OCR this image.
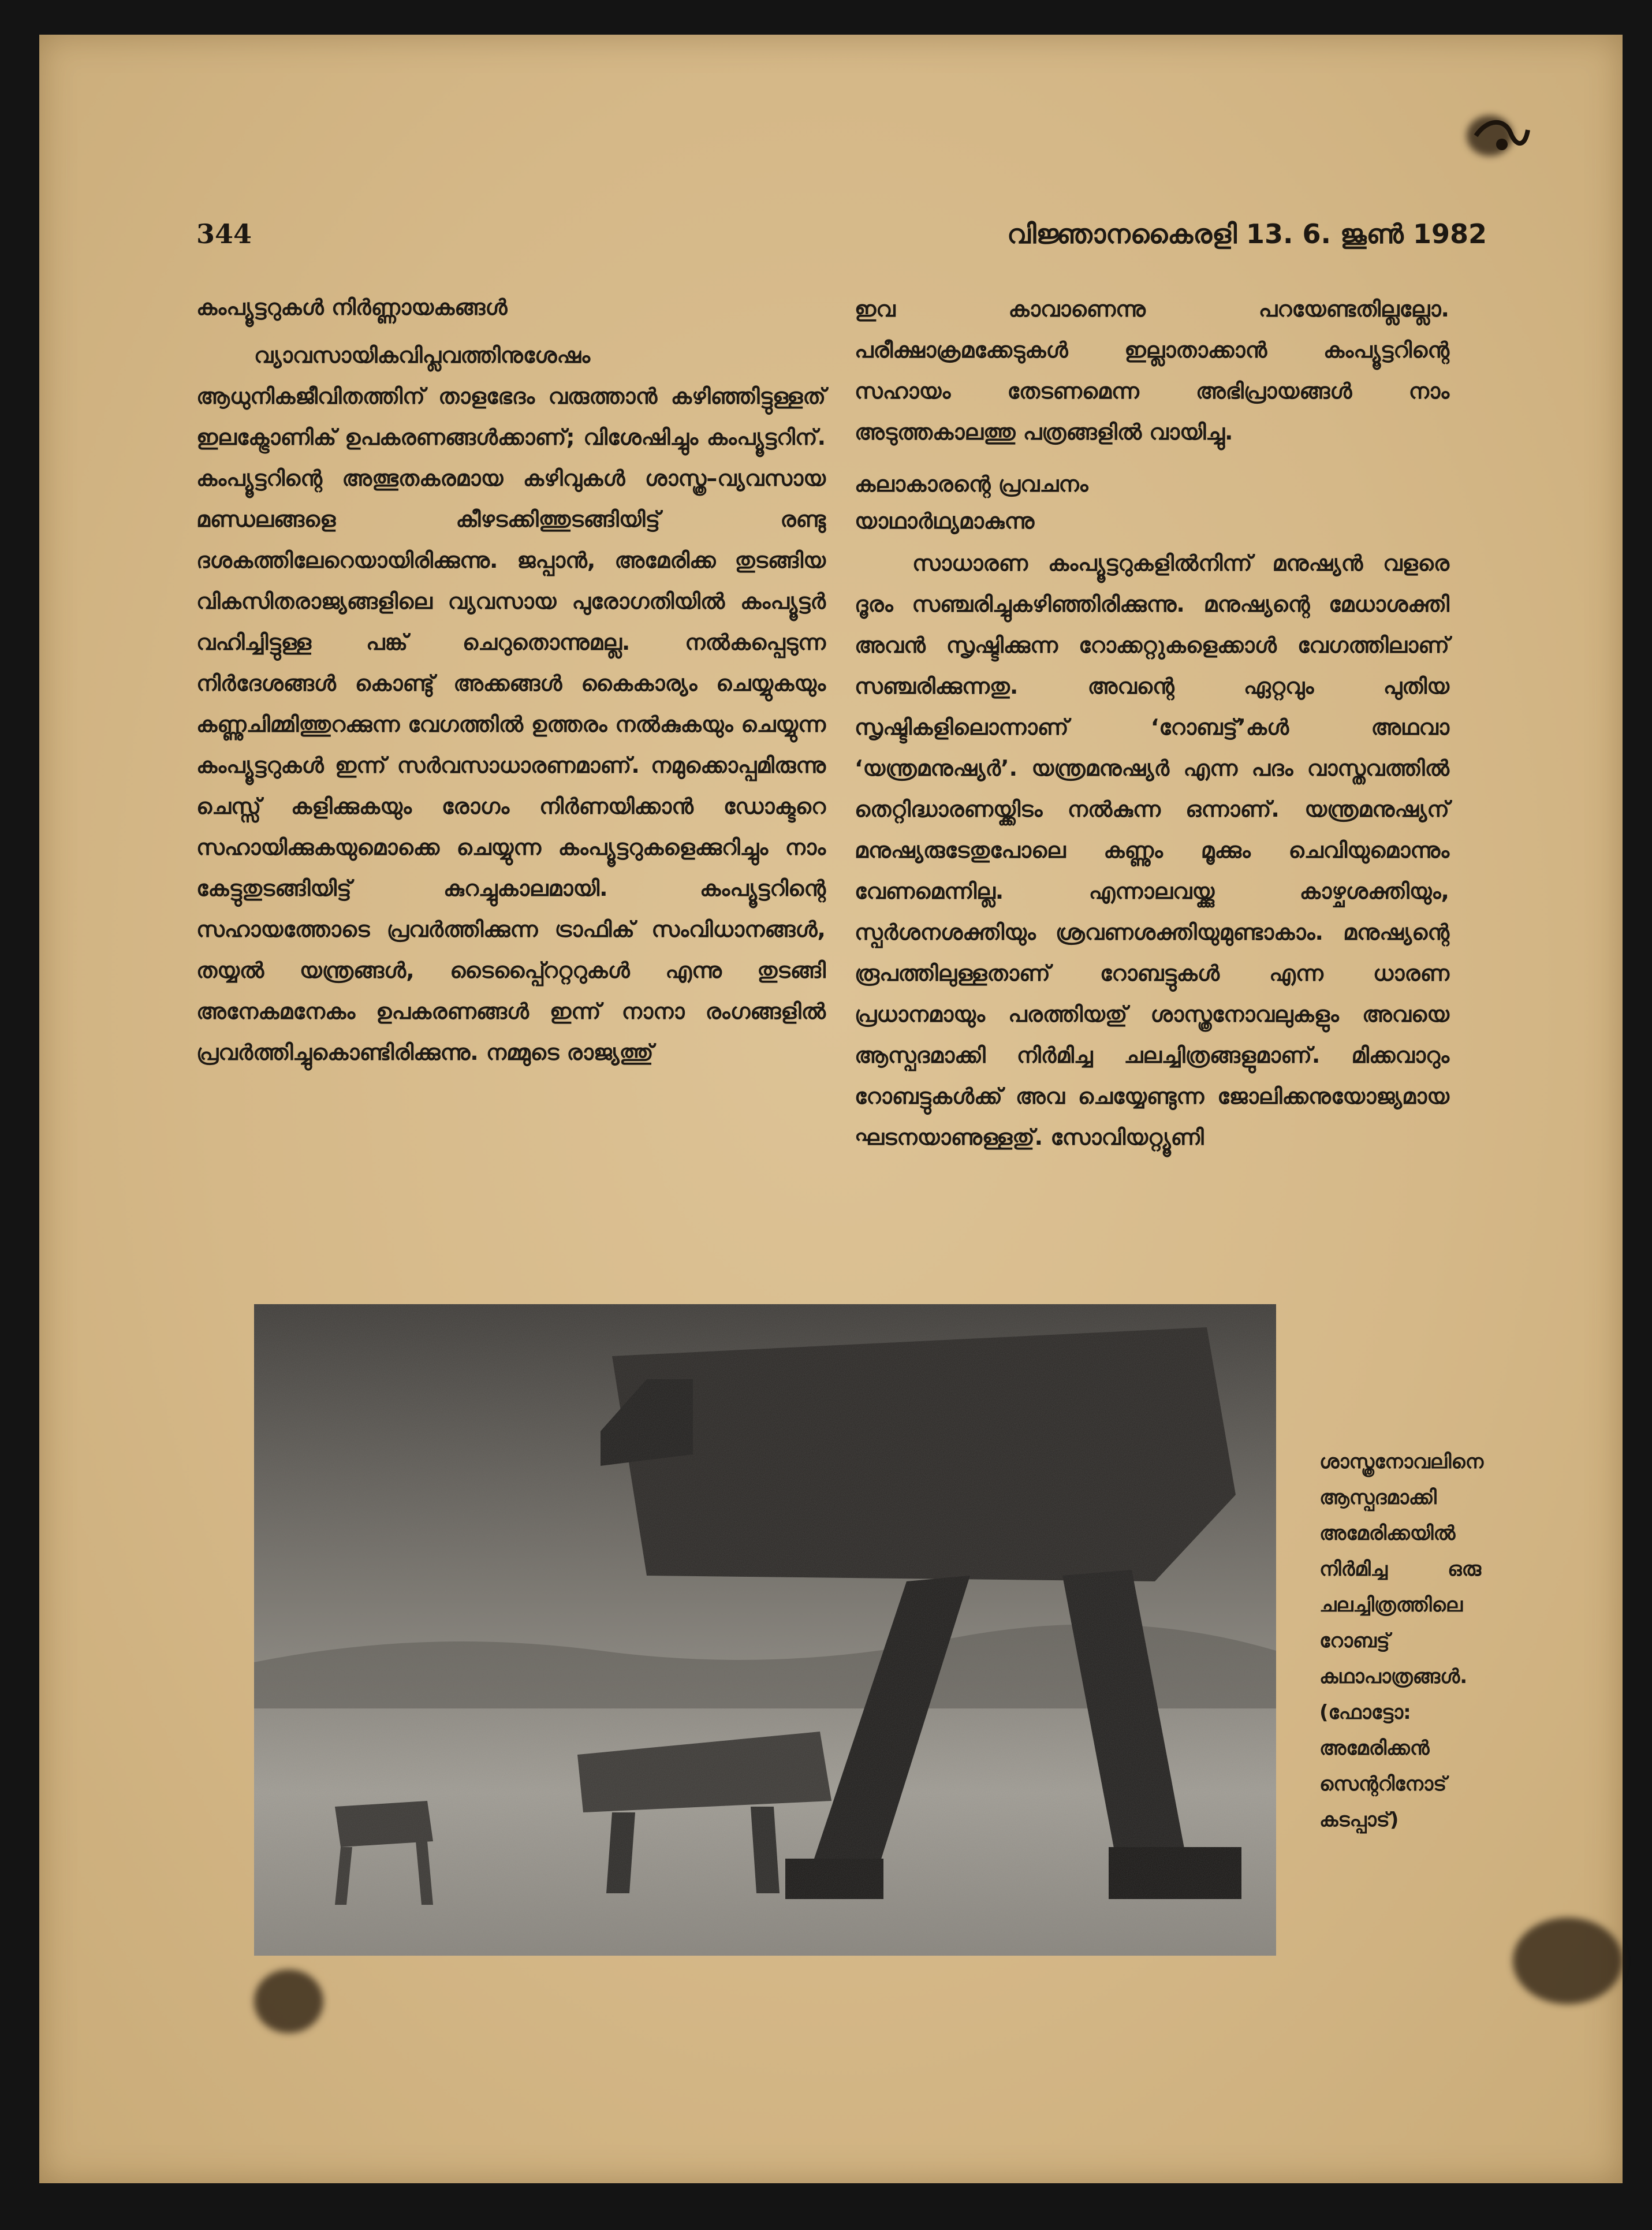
344	വിജ്ഞാനകൈരളി 13. 6. ജൂൺ 1982
കംപ്യൂട്ടറുകൾ നിർണ്ണായകങ്ങൾ

വ്യാവസായികവിപ്ലവത്തിനുശേഷം ആധുനികജീവിതത്തിന് താളഭേദം വരുത്താൻ കഴിഞ്ഞിട്ടുള്ളത് ഇലക്ട്രോണിക് ഉപകരണങ്ങൾക്കാണ്; വിശേഷിച്ചും കംപ്യൂട്ടറിന്. കംപ്യൂട്ടറിന്റെ അത്ഭുതകരമായ കഴിവുകൾ ശാസ്ത്ര–വ്യവസായ മണ്ഡലങ്ങളെ കീഴടക്കിത്തുടങ്ങിയിട്ട് രണ്ടു ദശകത്തിലേറെയായിരിക്കുന്നു. ജപ്പാൻ, അമേരിക്ക തുടങ്ങിയ വികസിതരാജ്യങ്ങളിലെ വ്യവസായ പുരോഗതിയിൽ കംപ്യൂട്ടർ വഹിച്ചിട്ടുള്ള പങ്ക് ചെറുതൊന്നുമല്ല. നൽകപ്പെടുന്ന നിർദേശങ്ങൾ കൊണ്ടു് അക്കങ്ങൾ കൈകാര്യം ചെയ്യുകയും കണ്ണുചിമ്മിത്തുറക്കുന്ന വേഗത്തിൽ ഉത്തരം നൽകുകയും ചെയ്യുന്ന കംപ്യൂട്ടറുകൾ ഇന്ന് സർവസാധാരണമാണ്. നമുക്കൊപ്പമിരുന്നു ചെസ്സ് കളിക്കുകയും രോഗം നിർണയിക്കാൻ ഡോക്ടറെ സഹായിക്കുകയുമൊക്കെ ചെയ്യുന്ന കംപ്യൂട്ടറുകളെക്കുറിച്ചും നാം കേട്ടുതുടങ്ങിയിട്ട് കുറച്ചുകാലമായി. കംപ്യൂട്ടറിന്റെ സഹായത്തോടെ പ്രവർത്തിക്കുന്ന ട്രാഫിക് സംവിധാനങ്ങൾ, തയ്യൽ യന്ത്രങ്ങൾ, ടൈപ്പ്റൈറ്ററുകൾ എന്നു തുടങ്ങി അനേകമനേകം ഉപകരണങ്ങൾ ഇന്ന് നാനാ രംഗങ്ങളിൽ പ്രവർത്തിച്ചുകൊണ്ടിരിക്കുന്നു. നമ്മുടെ രാജ്യത്തു്

ഇവ കാവാണെന്നു പറയേണ്ടതില്ലല്ലോ. പരീക്ഷാക്രമക്കേടുകൾ ഇല്ലാതാക്കാൻ കംപ്യൂട്ടറിന്റെ സഹായം തേടണമെന്ന അഭിപ്രായങ്ങൾ നാം അടുത്തകാലത്തു പത്രങ്ങളിൽ വായിച്ചു.

കലാകാരന്റെ പ്രവചനം
യാഥാർഥ്യമാകുന്നു

സാധാരണ കംപ്യൂട്ടറുകളിൽനിന്ന് മനുഷ്യൻ വളരെ ദൂരം സഞ്ചരിച്ചുകഴിഞ്ഞിരിക്കുന്നു. മനുഷ്യന്റെ മേധാശക്തി അവൻ സൃഷ്ടിക്കുന്ന റോക്കറ്റുകളെക്കാൾ വേഗത്തിലാണ് സഞ്ചരിക്കുന്നതു. അവന്റെ ഏറ്റവും പുതിയ സൃഷ്ടികളിലൊന്നാണ് ‘റോബട്ട്’കൾ അഥവാ ‘യന്ത്രമനുഷ്യർ’. യന്ത്രമനുഷ്യർ എന്ന പദം വാസ്തവത്തിൽ തെറ്റിദ്ധാരണയ്ക്കിടം നൽകുന്ന ഒന്നാണ്. യന്ത്രമനുഷ്യന് മനുഷ്യരുടേതുപോലെ കണ്ണും മൂക്കും ചെവിയുമൊന്നും വേണമെന്നില്ല. എന്നാലവയ്ക്കു കാഴ്ചശക്തിയും, സ്പർശനശക്തിയും ശ്രവണശക്തിയുമുണ്ടാകാം. മനുഷ്യന്റെ രൂപത്തിലുള്ളതാണ് റോബട്ടുകൾ എന്ന ധാരണ പ്രധാനമായും പരത്തിയതു് ശാസ്ത്രനോവലുകളും അവയെ ആസ്പദമാക്കി നിർമിച്ച ചലച്ചിത്രങ്ങളുമാണ്. മിക്കവാറും റോബട്ടുകൾക്ക് അവ ചെയ്യേണ്ടുന്ന ജോലിക്കനുയോജ്യമായ ഘടനയാണുള്ളതു്. സോവിയറ്റ്യൂണി

ശാസ്ത്രനോവലിനെ ആസ്പദമാക്കി അമേരിക്കയിൽ നിർമിച്ച ഒരു ചലച്ചിത്രത്തിലെ റോബട്ട് കഥാപാത്രങ്ങൾ. (ഫോട്ടോ: അമേരിക്കൻ സെന്ററിനോട് കടപ്പാട്)
